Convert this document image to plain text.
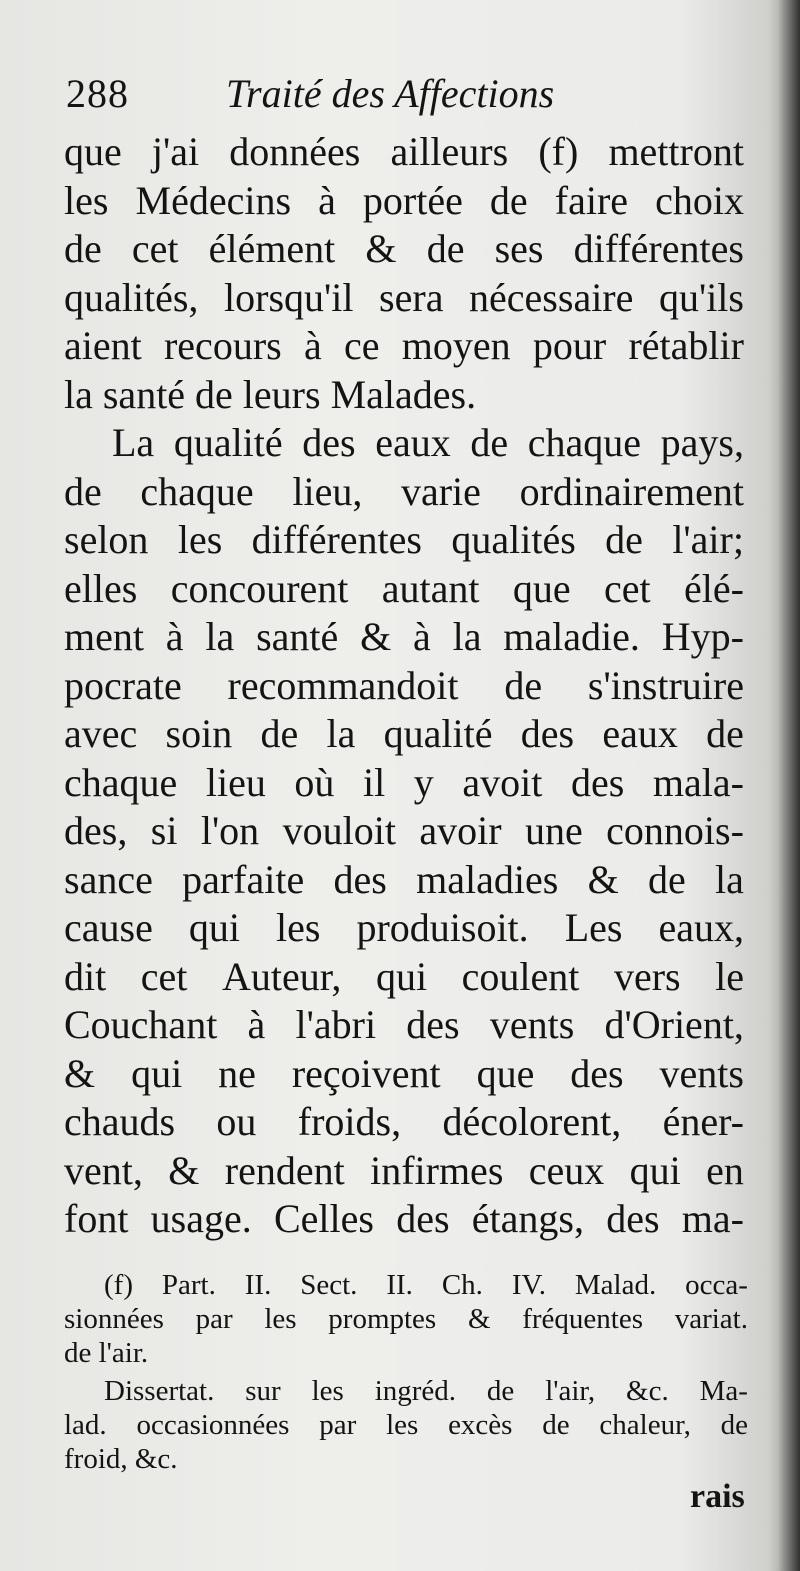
288 Traité des Affections
que j'ai données ailleurs (f) mettront
les Médecins à portée de faire choix
de cet élément & de ses différentes
qualités, lorsqu'il sera nécessaire qu'ils
aient recours à ce moyen pour rétablir
la santé de leurs Malades.
La qualité des eaux de chaque pays,
de chaque lieu, varie ordinairement
selon les différentes qualités de l'air;
elles concourent autant que cet élé-
ment à la santé & à la maladie. Hyp-
pocrate recommandoit de s'instruire
avec soin de la qualité des eaux de
chaque lieu où il y avoit des mala-
des, si l'on vouloit avoir une connois-
sance parfaite des maladies & de la
cause qui les produisoit. Les eaux,
dit cet Auteur, qui coulent vers le
Couchant à l'abri des vents d'Orient,
& qui ne reçoivent que des vents
chauds ou froids, décolorent, éner-
vent, & rendent infirmes ceux qui en
font usage. Celles des étangs, des ma-
(f) Part. II. Sect. II. Ch. IV. Malad. occa-
sionnées par les promptes & fréquentes variat.
de l'air.
Dissertat. sur les ingréd. de l'air, &c. Ma-
lad. occasionnées par les excès de chaleur, de
froid, &c.
rais
